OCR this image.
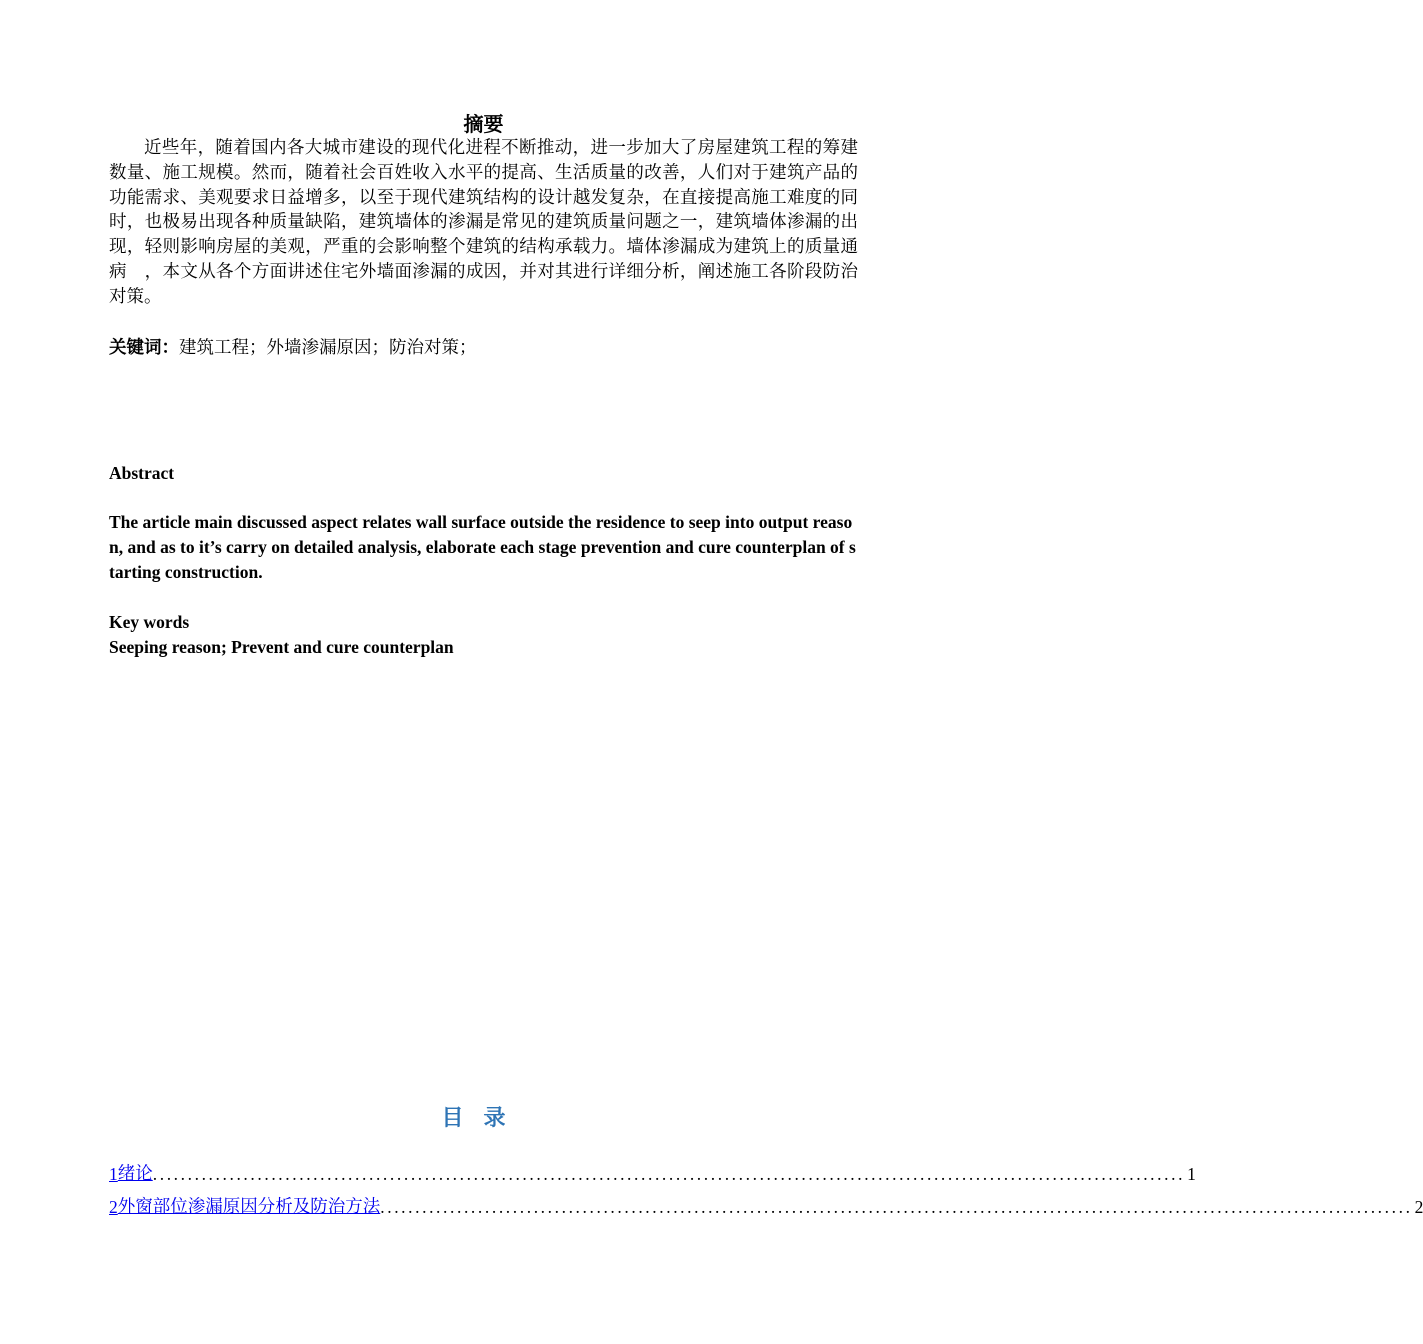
摘要

近些年，随着国内各大城市建设的现代化进程不断推动，进一步加大了房屋建筑工程的筹建数量、施工规模。然而，随着社会百姓收入水平的提高、生活质量的改善，人们对于建筑产品的功能需求、美观要求日益增多，以至于现代建筑结构的设计越发复杂，在直接提高施工难度的同时，也极易出现各种质量缺陷，建筑墙体的渗漏是常见的建筑质量问题之一，建筑墙体渗漏的出现，轻则影响房屋的美观，严重的会影响整个建筑的结构承载力。墙体渗漏成为建筑上的质量通病　，本文从各个方面讲述住宅外墙面渗漏的成因，并对其进行详细分析，阐述施工各阶段防治对策。

关键词：建筑工程；外墙渗漏原因；防治对策；

Abstract

The article main discussed aspect relates wall surface outside the residence to seep into output reason, and as to it’s carry on detailed analysis, elaborate each stage prevention and cure counterplan of starting construction.

Key words

Seeping reason; Prevent and cure counterplan

目录
1 绪论 .................................................................................................................................................... 1
2 外窗部位渗漏原因分析及防治方法 .................................................................................................................................................... 2
